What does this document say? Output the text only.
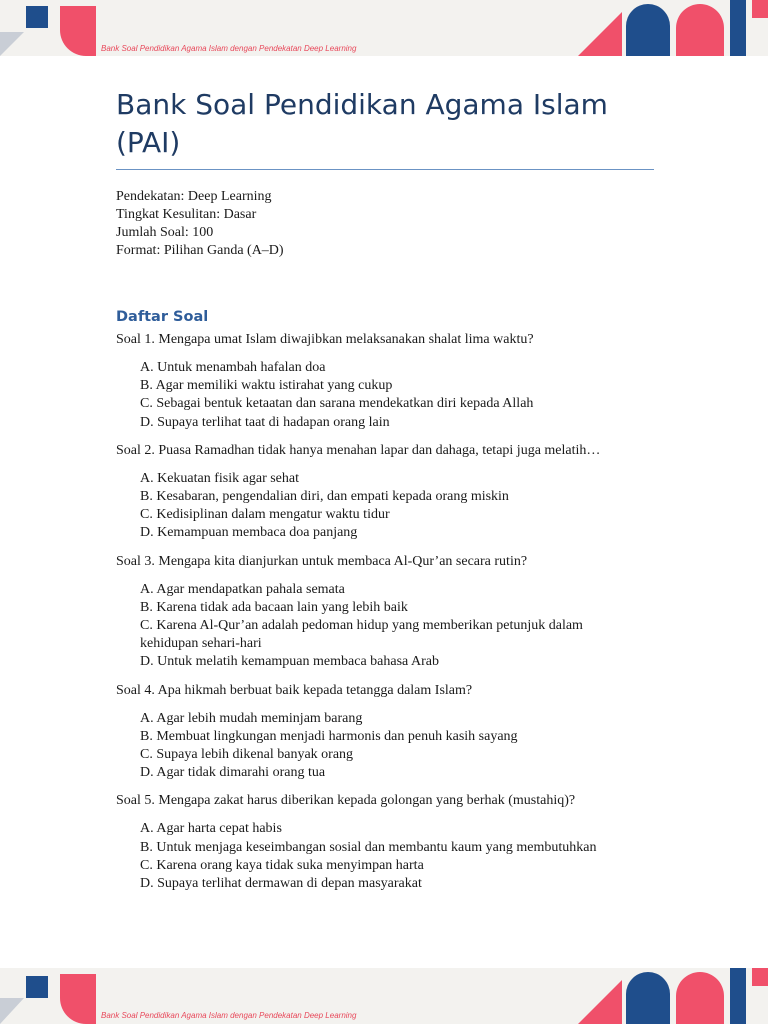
Bank Soal Pendidikan Agama Islam dengan Pendekatan Deep Learning
Bank Soal Pendidikan Agama Islam (PAI)
Pendekatan: Deep Learning
Tingkat Kesulitan: Dasar
Jumlah Soal: 100
Format: Pilihan Ganda (A–D)
Daftar Soal
Soal 1. Mengapa umat Islam diwajibkan melaksanakan shalat lima waktu?
A. Untuk menambah hafalan doa
B. Agar memiliki waktu istirahat yang cukup
C. Sebagai bentuk ketaatan dan sarana mendekatkan diri kepada Allah
D. Supaya terlihat taat di hadapan orang lain
Soal 2. Puasa Ramadhan tidak hanya menahan lapar dan dahaga, tetapi juga melatih…
A. Kekuatan fisik agar sehat
B. Kesabaran, pengendalian diri, dan empati kepada orang miskin
C. Kedisiplinan dalam mengatur waktu tidur
D. Kemampuan membaca doa panjang
Soal 3. Mengapa kita dianjurkan untuk membaca Al-Qur’an secara rutin?
A. Agar mendapatkan pahala semata
B. Karena tidak ada bacaan lain yang lebih baik
C. Karena Al-Qur’an adalah pedoman hidup yang memberikan petunjuk dalam kehidupan sehari-hari
D. Untuk melatih kemampuan membaca bahasa Arab
Soal 4. Apa hikmah berbuat baik kepada tetangga dalam Islam?
A. Agar lebih mudah meminjam barang
B. Membuat lingkungan menjadi harmonis dan penuh kasih sayang
C. Supaya lebih dikenal banyak orang
D. Agar tidak dimarahi orang tua
Soal 5. Mengapa zakat harus diberikan kepada golongan yang berhak (mustahiq)?
A. Agar harta cepat habis
B. Untuk menjaga keseimbangan sosial dan membantu kaum yang membutuhkan
C. Karena orang kaya tidak suka menyimpan harta
D. Supaya terlihat dermawan di depan masyarakat
Bank Soal Pendidikan Agama Islam dengan Pendekatan Deep Learning
